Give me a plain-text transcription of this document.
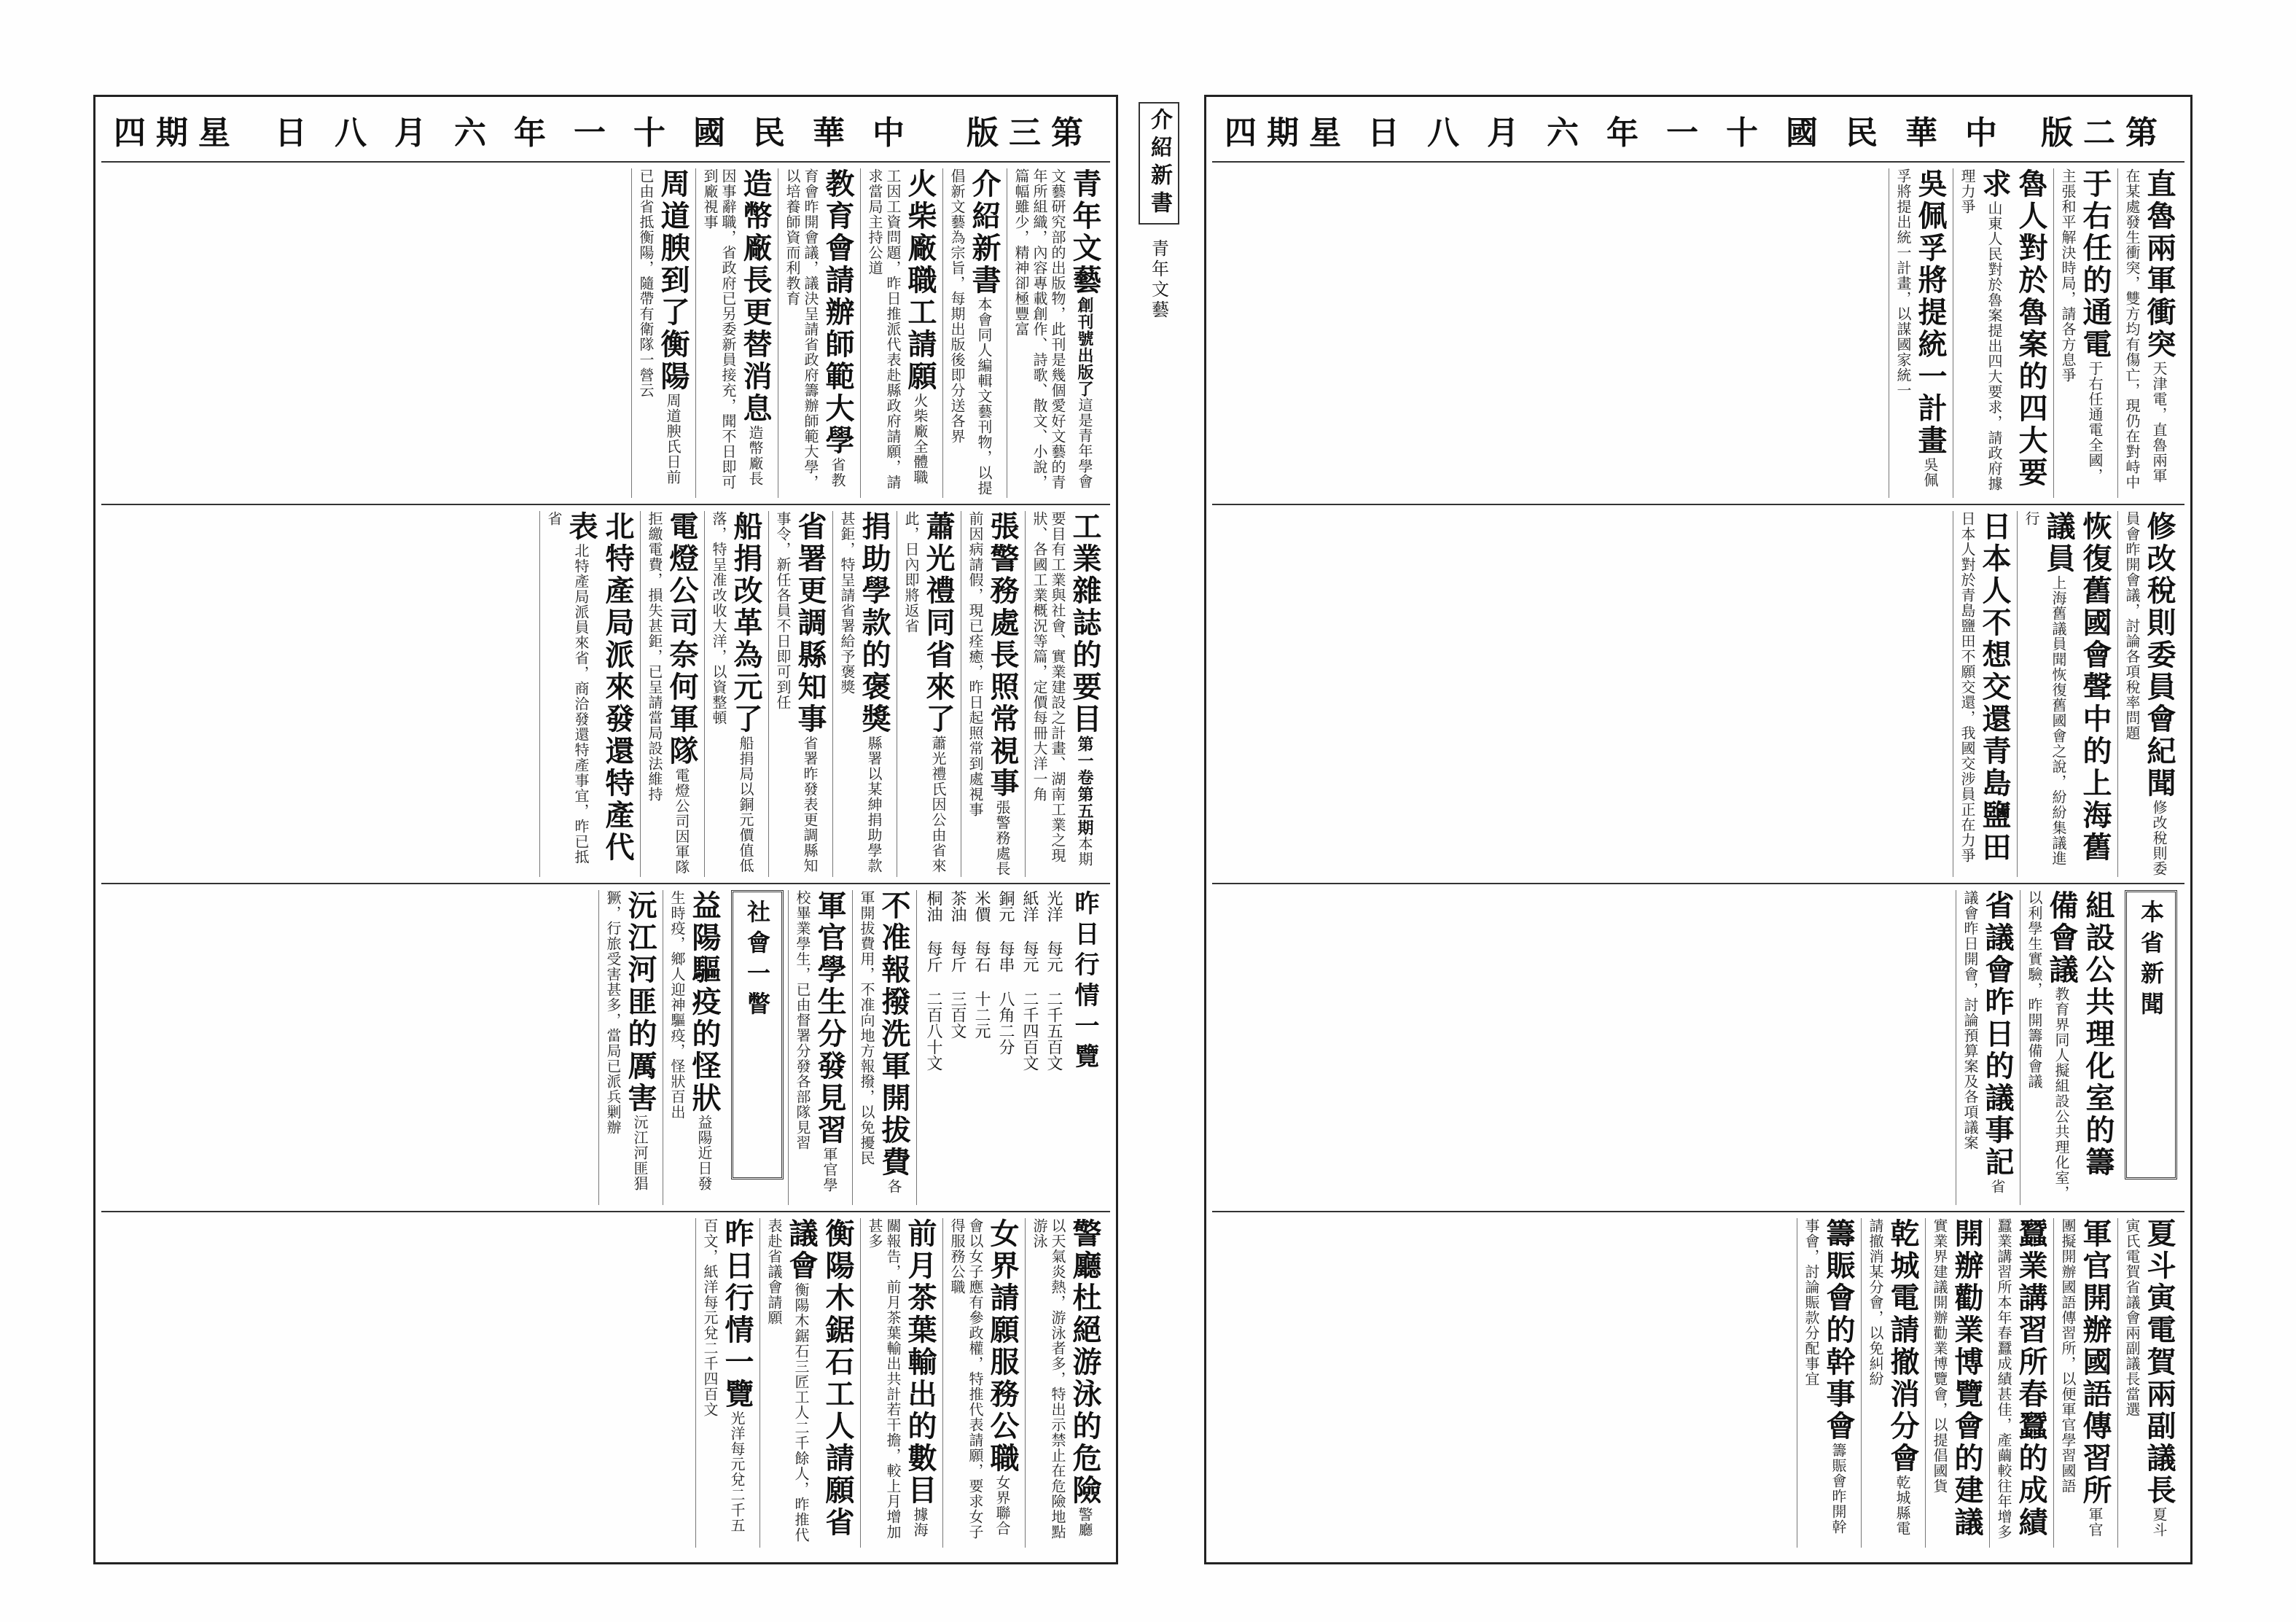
版三第
日八月六年一十國民華中
四期星
青年文藝創刊號出版了這是青年學會文藝研究部的出版物，此刊是幾個愛好文藝的青年所組織，內容專載創作、詩歌、散文、小說，篇幅雖少，精神卻極豐富
介紹新書本會同人編輯文藝刊物，以提倡新文藝為宗旨，每期出版後即分送各界
火柴廠職工請願火柴廠全體職工因工資問題，昨日推派代表赴縣政府請願，請求當局主持公道
教育會請辦師範大學省教育會昨開會議，議決呈請省政府籌辦師範大學，以培養師資而利教育
造幣廠長更替消息造幣廠長因事辭職，省政府已另委新員接充，聞不日即可到廠視事
周道腴到了衡陽周道腴氏日前已由省抵衡陽，隨帶有衛隊一營云
工業雜誌的要目第一卷第五期本期要目有工業與社會、實業建設之計畫、湖南工業之現狀、各國工業概況等篇，定價每冊大洋一角
張警務處長照常視事張警務處長前因病請假，現已痊癒，昨日起照常到處視事
蕭光禮同省來了蕭光禮氏因公由省來此，日內即將返省
捐助學款的褒獎縣署以某紳捐助學款甚鉅，特呈請省署給予褒獎
省署更調縣知事省署昨發表更調縣知事令，新任各員不日即可到任
船捐改革為元了船捐局以銅元價值低落，特呈准改收大洋，以資整頓
電燈公司奈何軍隊電燈公司因軍隊拒繳電費，損失甚鉅，已呈請當局設法維持
北特產局派來發還特產代表北特產局派員來省，商洽發還特產事宜，昨已抵省
昨日行情一覽
光洋 每元 二千五百文
紙洋 每元 二千四百文
銅元 每串 八角二分
米價 每石 十二元
茶油 每斤 三百文
桐油 每斤 二百八十文
不准報撥洗軍開拔費各軍開拔費用，不准向地方報撥，以免擾民
軍官學生分發見習軍官學校畢業學生，已由督署分發各部隊見習
社會一瞥
益陽驅疫的怪狀益陽近日發生時疫，鄉人迎神驅疫，怪狀百出
沅江河匪的厲害沅江河匪猖獗，行旅受害甚多，當局已派兵剿辦
警廳杜絕游泳的危險警廳以天氣炎熱，游泳者多，特出示禁止在危險地點游泳
女界請願服務公職女界聯合會以女子應有參政權，特推代表請願，要求女子得服務公職
前月茶葉輸出的數目據海關報告，前月茶葉輸出共計若干擔，較上月增加甚多
衡陽木鋸石工人請願省議會衡陽木鋸石三匠工人二千餘人，昨推代表赴省議會請願
昨日行情一覽光洋每元兌二千五百文，紙洋每元兌二千四百文
介紹新書
青年文藝
版二第
日八月六年一十國民華中
四期星
直魯兩軍衝突天津電，直魯兩軍在某處發生衝突，雙方均有傷亡，現仍在對峙中
于右任的通電于右任通電全國，主張和平解決時局，請各方息爭
魯人對於魯案的四大要求山東人民對於魯案提出四大要求，請政府據理力爭
吳佩孚將提統一計畫吳佩孚將提出統一計畫，以謀國家統一
修改稅則委員會紀聞修改稅則委員會昨開會議，討論各項稅率問題
恢復舊國會聲中的上海舊議員上海舊議員聞恢復舊國會之說，紛紛集議進行
日本人不想交還青島鹽田日本人對於青島鹽田不願交還，我國交涉員正在力爭
本省新聞
組設公共理化室的籌備會議教育界同人擬組設公共理化室，以利學生實驗，昨開籌備會議
省議會昨日的議事記省議會昨日開會，討論預算案及各項議案
夏斗寅電賀兩副議長夏斗寅氏電賀省議會兩副議長當選
軍官開辦國語傳習所軍官團擬開辦國語傳習所，以便軍官學習國語
蠶業講習所春蠶的成績蠶業講習所本年春蠶成績甚佳，產繭較往年增多
開辦勸業博覽會的建議實業界建議開辦勸業博覽會，以提倡國貨
乾城電請撤消分會乾城縣電請撤消某分會，以免糾紛
籌賑會的幹事會籌賑會昨開幹事會，討論賑款分配事宜
